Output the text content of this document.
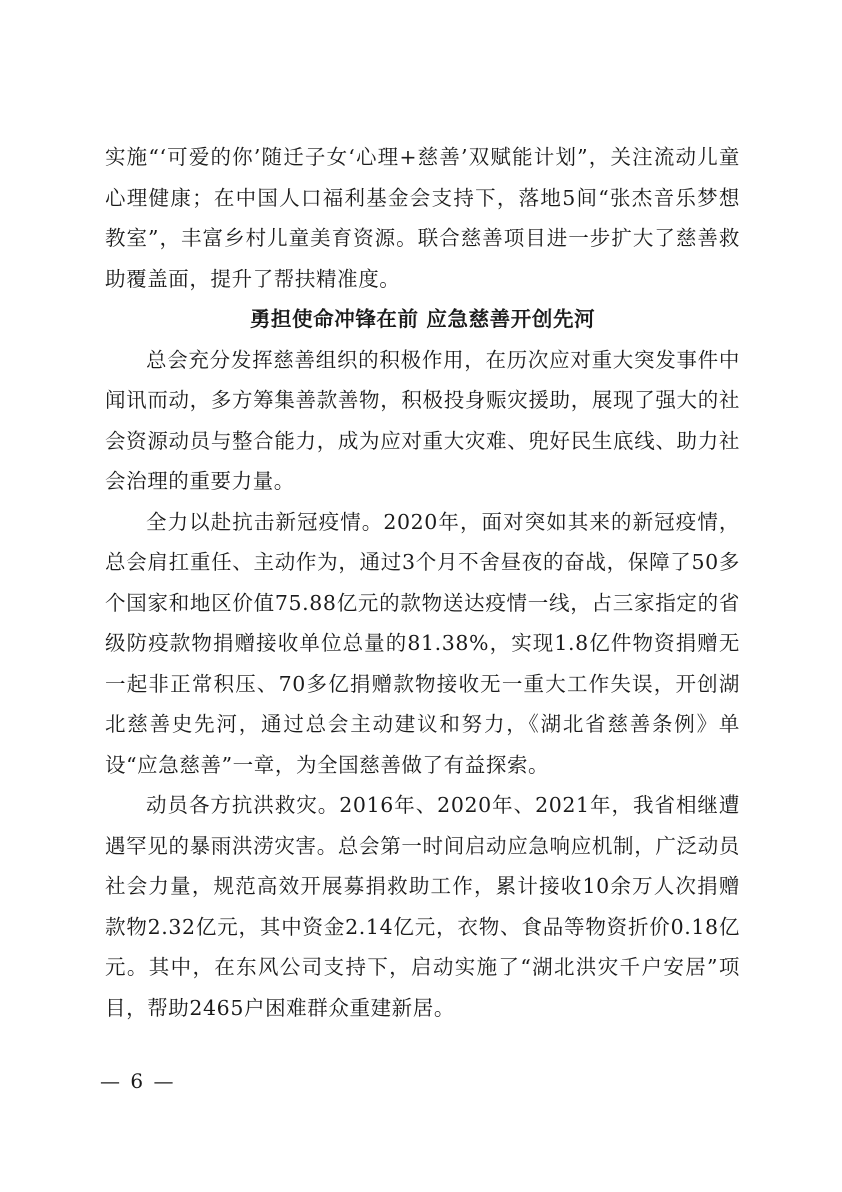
实施“‘可爱的你’随迁子女‘心理+慈善’双赋能计划”，关注流动儿童心理健康；在中国人口福利基金会支持下，落地5间“张杰音乐梦想教室”，丰富乡村儿童美育资源。联合慈善项目进一步扩大了慈善救助覆盖面，提升了帮扶精准度。

勇担使命冲锋在前 应急慈善开创先河

总会充分发挥慈善组织的积极作用，在历次应对重大突发事件中闻讯而动，多方筹集善款善物，积极投身赈灾援助，展现了强大的社会资源动员与整合能力，成为应对重大灾难、兜好民生底线、助力社会治理的重要力量。

全力以赴抗击新冠疫情。2020年，面对突如其来的新冠疫情，总会肩扛重任、主动作为，通过3个月不舍昼夜的奋战，保障了50多个国家和地区价值75.88亿元的款物送达疫情一线，占三家指定的省级防疫款物捐赠接收单位总量的81.38%，实现1.8亿件物资捐赠无一起非正常积压、70多亿捐赠款物接收无一重大工作失误，开创湖北慈善史先河，通过总会主动建议和努力，《湖北省慈善条例》单设“应急慈善”一章，为全国慈善做了有益探索。

动员各方抗洪救灾。2016年、2020年、2021年，我省相继遭遇罕见的暴雨洪涝灾害。总会第一时间启动应急响应机制，广泛动员社会力量，规范高效开展募捐救助工作，累计接收10余万人次捐赠款物2.32亿元，其中资金2.14亿元，衣物、食品等物资折价0.18亿元。其中，在东风公司支持下，启动实施了“湖北洪灾千户安居”项目，帮助2465户困难群众重建新居。

— 6 —
